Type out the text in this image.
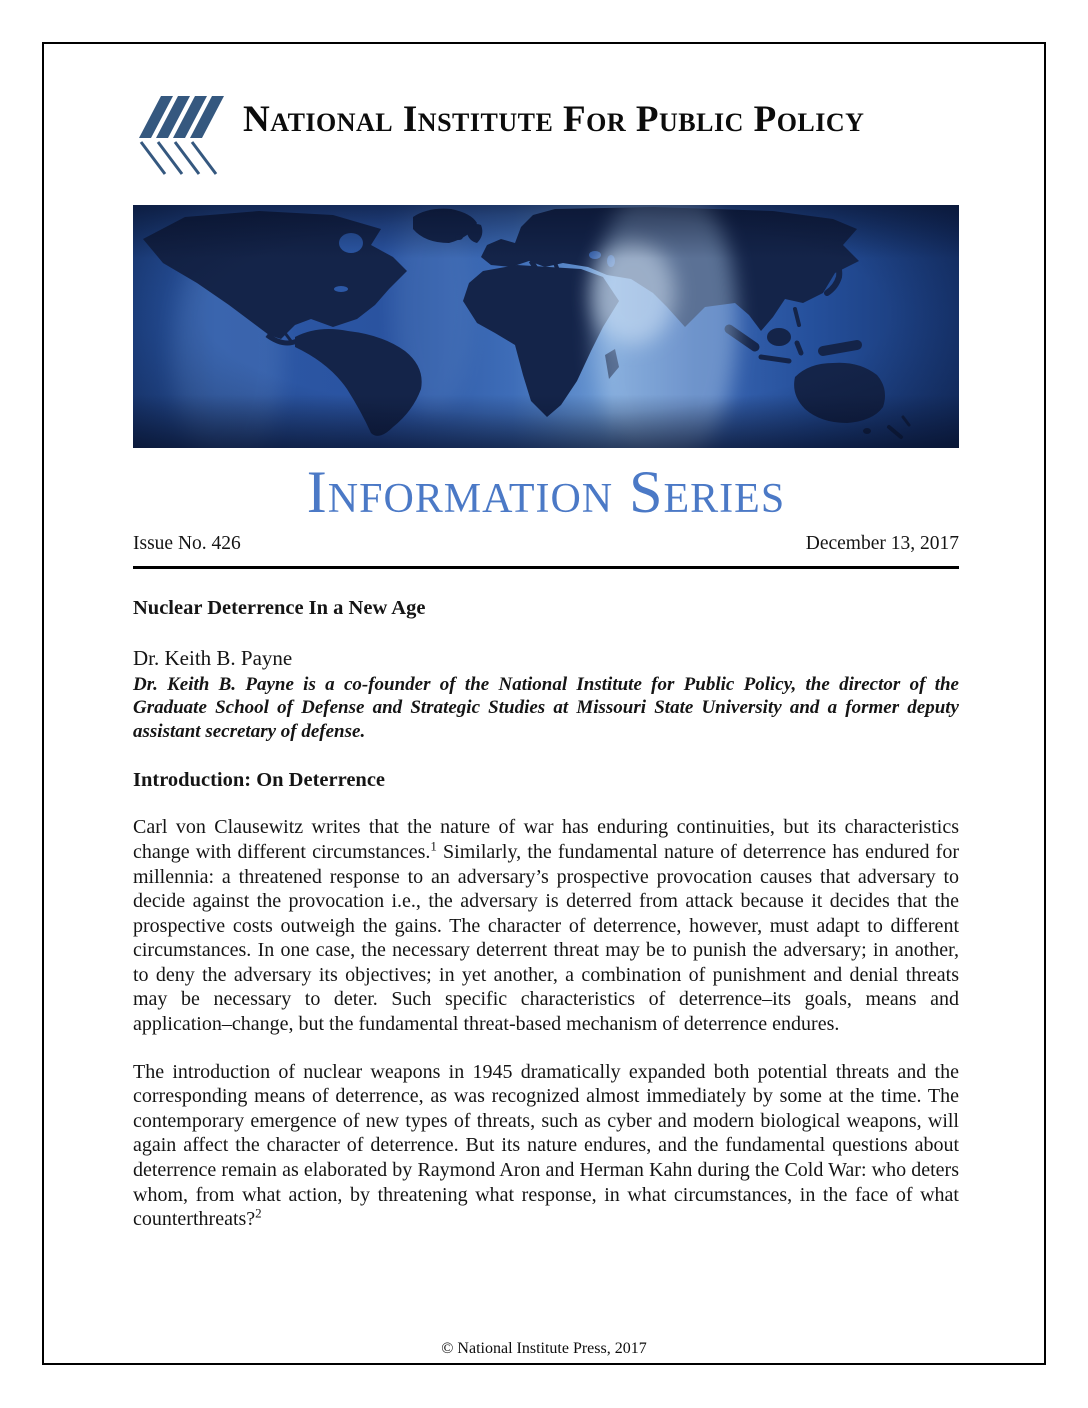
National Institute For Public Policy
Information Series
Issue No. 426	December 13, 2017
Nuclear Deterrence In a New Age
Dr. Keith B. Payne

Dr. Keith B. Payne is a co-founder of the National Institute for Public Policy, the director of the Graduate School of Defense and Strategic Studies at Missouri State University and a former deputy assistant secretary of defense.

Introduction: On Deterrence

Carl von Clausewitz writes that the nature of war has enduring continuities, but its characteristics change with different circumstances.$^1$ Similarly, the fundamental nature of deterrence has endured for millennia: a threatened response to an adversary’s prospective provocation causes that adversary to decide against the provocation i.e., the adversary is deterred from attack because it decides that the prospective costs outweigh the gains. The character of deterrence, however, must adapt to different circumstances. In one case, the necessary deterrent threat may be to punish the adversary; in another, to deny the adversary its objectives; in yet another, a combination of punishment and denial threats may be necessary to deter. Such specific characteristics of deterrence–its goals, means and application–change, but the fundamental threat-based mechanism of deterrence endures.

The introduction of nuclear weapons in 1945 dramatically expanded both potential threats and the corresponding means of deterrence, as was recognized almost immediately by some at the time. The contemporary emergence of new types of threats, such as cyber and modern biological weapons, will again affect the character of deterrence. But its nature endures, and the fundamental questions about deterrence remain as elaborated by Raymond Aron and Herman Kahn during the Cold War: who deters whom, from what action, by threatening what response, in what circumstances, in the face of what counterthreats?$^2$

© National Institute Press, 2017
